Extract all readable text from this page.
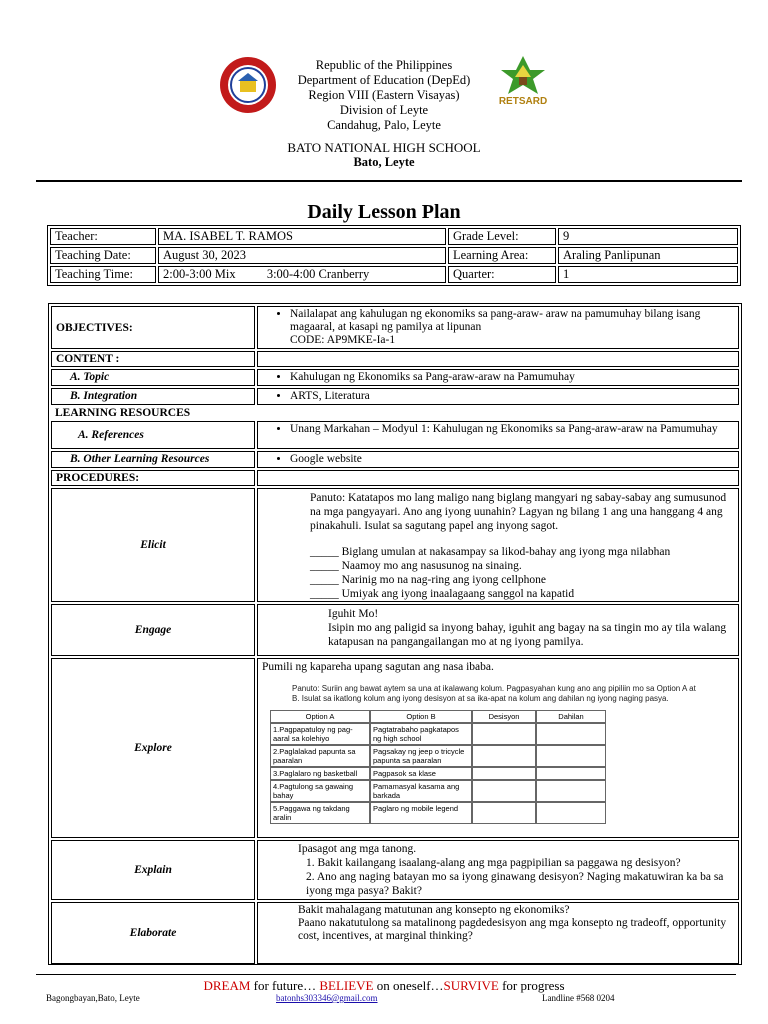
RETSARD
Republic of the Philippines
Department of Education (DepEd)
Region VIII (Eastern Visayas)
Division of Leyte
Candahug, Palo, Leyte
BATO NATIONAL HIGH SCHOOL
Bato, Leyte
Daily Lesson Plan
Teacher:	MA. ISABEL T. RAMOS	Grade Level:	9
Teaching Date:	August 30, 2023	Learning Area:	Araling Panlipunan
Teaching Time:	2:00-3:00 Mix          3:00-4:00 Cranberry	Quarter:	1
OBJECTIVES:	
• Nailalapat ang kahulugan ng ekonomiks sa pang-araw- araw na pamumuhay bilang isang magaaral, at kasapi ng pamilya at lipunan
CODE: AP9MKE-Ia-1

CONTENT :	
A. Topic	
•Kahulugan ng Ekonomiks sa Pang-araw-araw na Pamumuhay

B. Integration	
•ARTS, Literatura

LEARNING RESOURCES
A. References	
•Unang Markahan – Modyul 1: Kahulugan ng Ekonomiks sa Pang-araw-araw na Pamumuhay

B. Other Learning Resources	
•Google website

PROCEDURES:	
Elicit	
Panuto: Katatapos mo lang maligo nang biglang mangyari ng sabay-sabay ang sumusunod na mga pangyayari. Ano ang iyong uunahin? Lagyan ng bilang 1 ang una hanggang 4 ang pinakahuli. Isulat sa sagutang papel ang inyong sagot.
_____ Biglang umulan at nakasampay sa likod-bahay ang iyong mga nilabhan
_____ Naamoy mo ang nasusunog na sinaing.
_____ Narinig mo na nag-ring ang iyong cellphone
_____ Umiyak ang iyong inaalagaang sanggol na kapatid

Engage	
Iguhit Mo!
Isipin mo ang paligid sa inyong bahay, iguhit ang bagay na sa tingin mo ay tila walang katapusan na pangangailangan mo at ng iyong pamilya.

Explore	
Pumili ng kapareha upang sagutan ang nasa ibaba.
Panuto: Suriin ang bawat aytem sa una at ikalawang kolum. Pagpasyahan kung ano ang pipiliin mo sa Option A at B. Isulat sa ikatlong kolum ang iyong desisyon at sa ika-apat na kolum ang dahilan ng iyong naging pasya.
Option A	Option B	Desisyon	Dahilan
1.Pagpapatuloy ng pag-aaral sa kolehiyo	Pagtatrabaho pagkatapos ng high school		
2.Paglalakad papunta sa paaralan	Pagsakay ng jeep o tricycle papunta sa paaralan		
3.Paglalaro ng basketball	Pagpasok sa klase		
4.Pagtulong sa gawaing bahay	Pamamasyal kasama ang barkada		
5.Paggawa ng takdang aralin	Paglaro ng mobile legend		

Explain	
Ipasagot ang mga tanong.
1. Bakit kailangang isaalang-alang ang mga pagpipilian sa paggawa ng desisyon?
2. Ano ang naging batayan mo sa iyong ginawang desisyon? Naging makatuwiran ka ba sa iyong mga pasya? Bakit?

Elaborate	
Bakit mahalagang matutunan ang konsepto ng ekonomiks?
Paano nakatutulong sa matalinong pagdedesisyon ang mga konsepto ng tradeoff, opportunity cost, incentives, at marginal thinking?
DREAM for future… BELIEVE on oneself…SURVIVE for progress
Bagongbayan,Bato, Leyte	batonhs303346@gmail.com	Landline #568 0204
